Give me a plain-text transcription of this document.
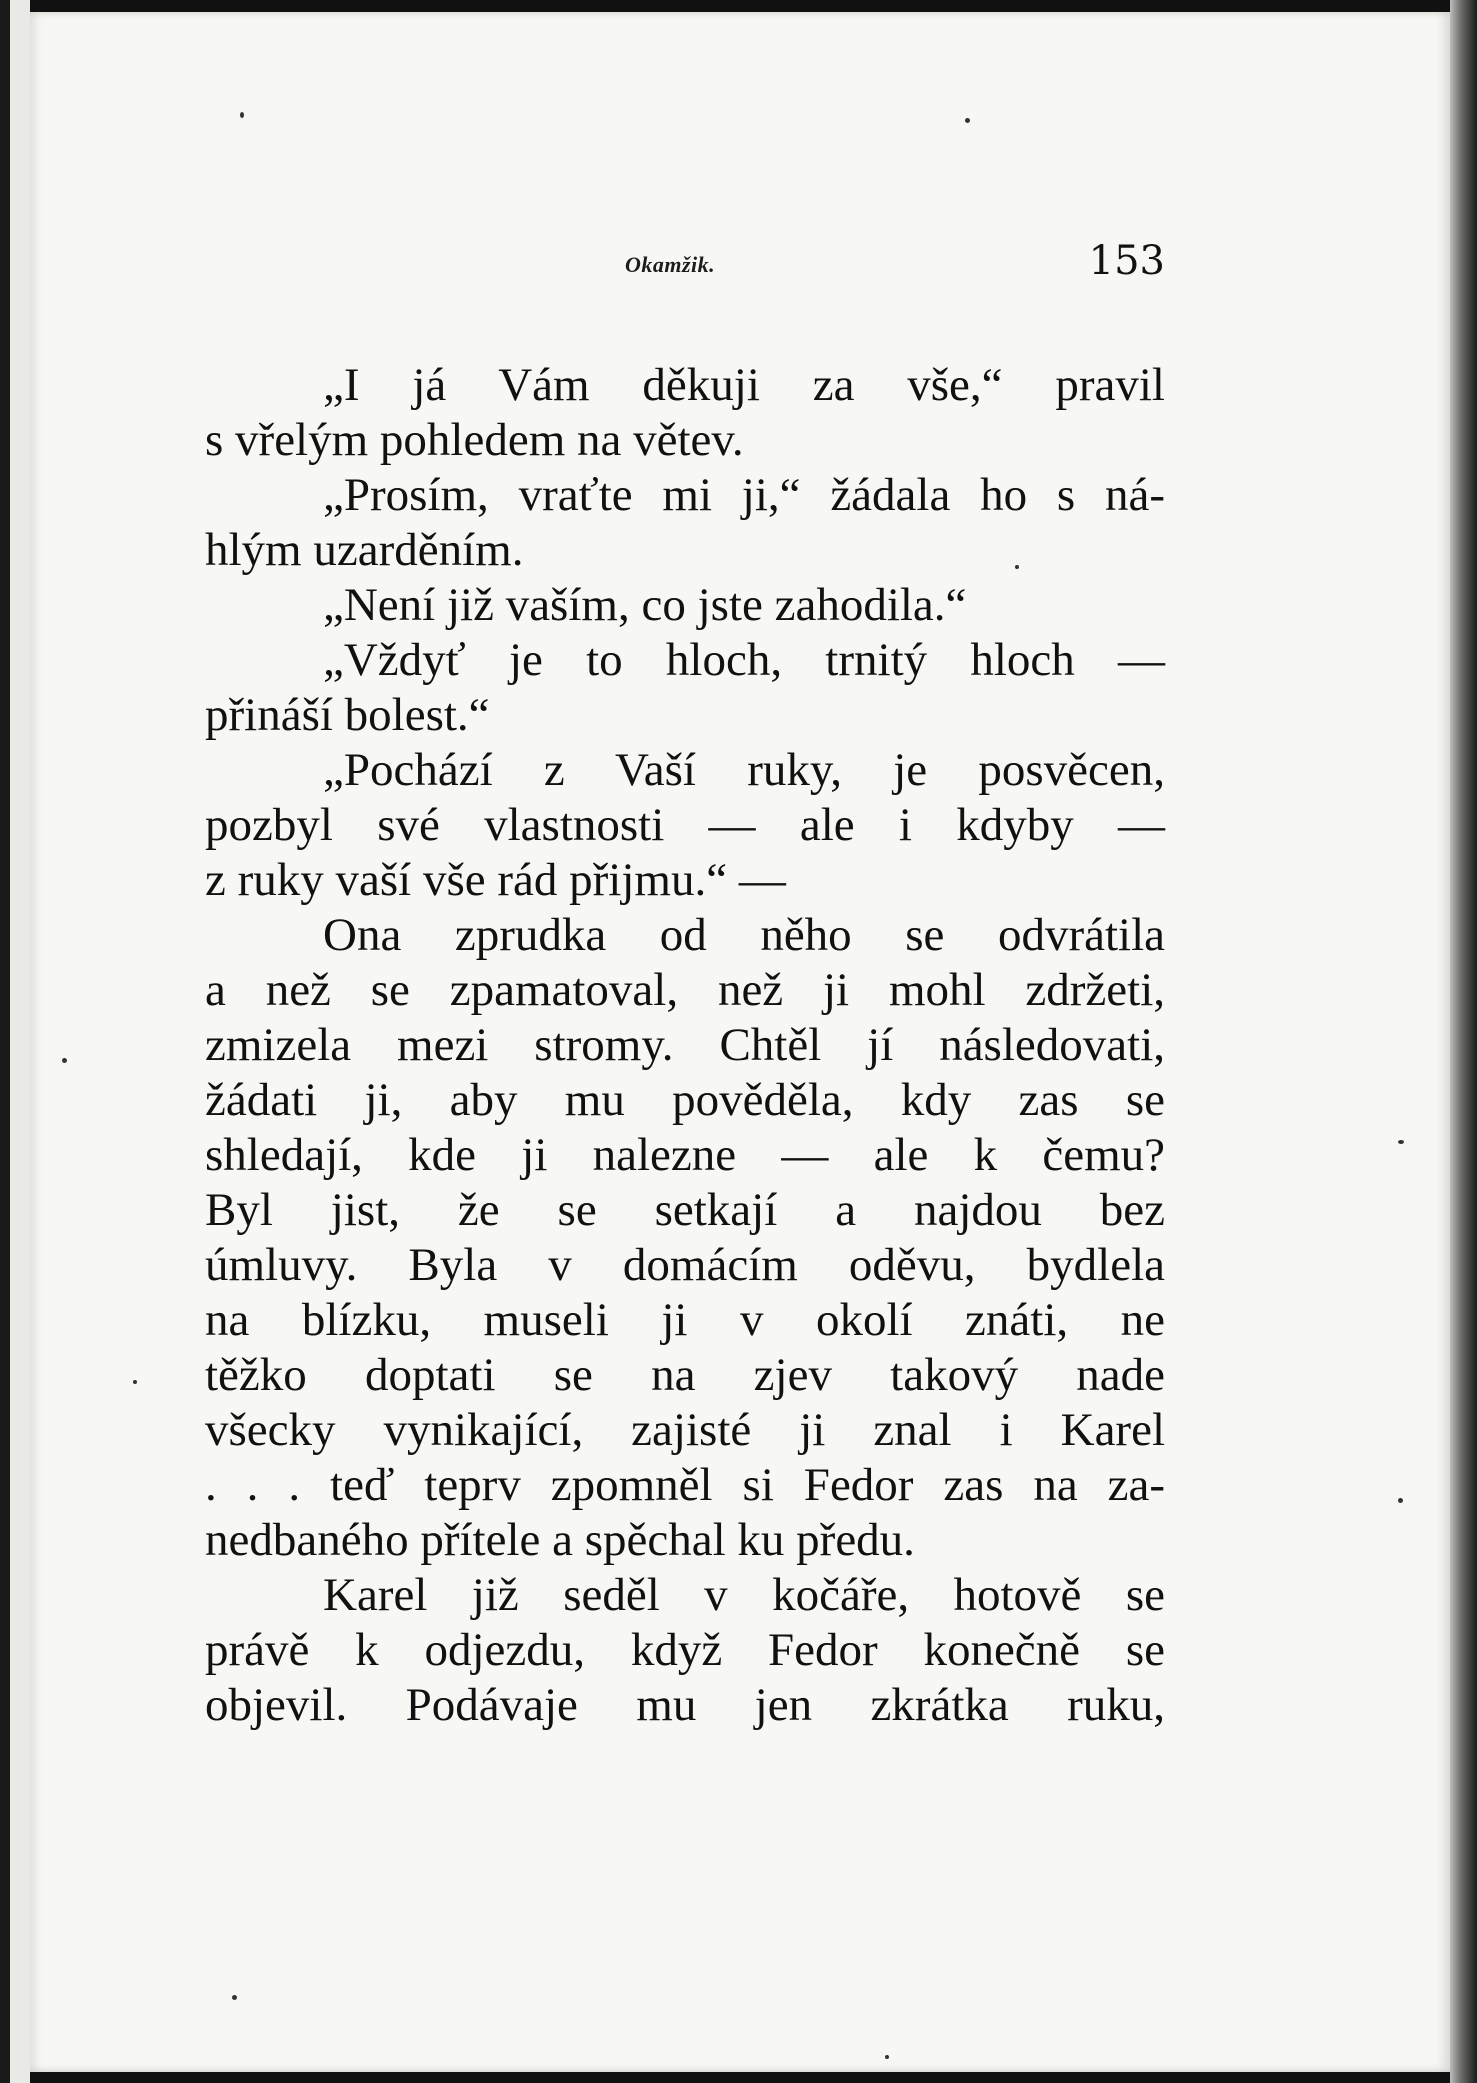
Okamžik.	153
„I já Vám děkuji za vše,“ pravil
s vřelým pohledem na větev.
„Prosím, vraťte mi ji,“ žádala ho s ná-
hlým uzarděním.
„Není již vaším, co jste zahodila.“
„Vždyť je to hloch, trnitý hloch —
přináší bolest.“
„Pochází z Vaší ruky, je posvěcen,
pozbyl své vlastnosti — ale i kdyby —
z ruky vaší vše rád přijmu.“ —
Ona zprudka od něho se odvrátila
a než se zpamatoval, než ji mohl zdržeti,
zmizela mezi stromy. Chtěl jí následovati,
žádati ji, aby mu pověděla, kdy zas se
shledají, kde ji nalezne — ale k čemu?
Byl jist, že se setkají a najdou bez
úmluvy. Byla v domácím oděvu, bydlela
na blízku, museli ji v okolí znáti, ne
těžko doptati se na zjev takový nade
všecky vynikající, zajisté ji znal i Karel
. . . teď teprv zpomněl si Fedor zas na za-
nedbaného přítele a spěchal ku předu.
Karel již seděl v kočáře, hotově se
právě k odjezdu, když Fedor konečně se
objevil. Podávaje mu jen zkrátka ruku,
